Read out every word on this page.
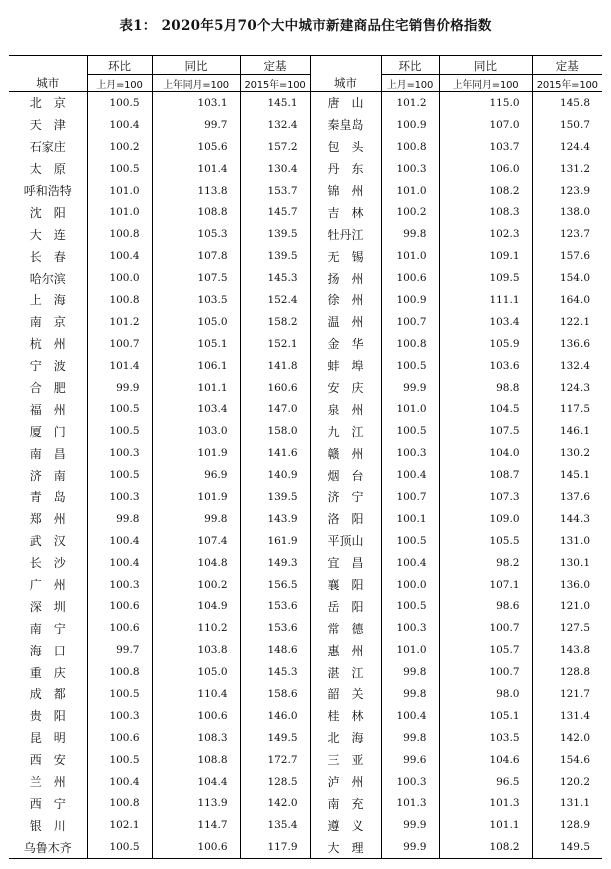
表1： 2020年5月70个大中城市新建商品住宅销售价格指数
城市	环比	同比	定基	城市	环比	同比	定基
	上月=100	上年同月=100	2015年=100		上月=100	上年同月=100	2015年=100
北　京	100.5	103.1	145.1	唐　山	101.2	115.0	145.8
天　津	100.4	99.7	132.4	秦皇岛	100.9	107.0	150.7
石家庄	100.2	105.6	157.2	包　头	100.8	103.7	124.4
太　原	100.5	101.4	130.4	丹　东	100.3	106.0	131.2
呼和浩特	101.0	113.8	153.7	锦　州	101.0	108.2	123.9
沈　阳	101.0	108.8	145.7	吉　林	100.2	108.3	138.0
大　连	100.8	105.3	139.5	牡丹江	99.8	102.3	123.7
长　春	100.4	107.8	139.5	无　锡	101.0	109.1	157.6
哈尔滨	100.0	107.5	145.3	扬　州	100.6	109.5	154.0
上　海	100.8	103.5	152.4	徐　州	100.9	111.1	164.0
南　京	101.2	105.0	158.2	温　州	100.7	103.4	122.1
杭　州	100.7	105.1	152.1	金　华	100.8	105.9	136.6
宁　波	101.4	106.1	141.8	蚌　埠	100.5	103.6	132.4
合　肥	99.9	101.1	160.6	安　庆	99.9	98.8	124.3
福　州	100.5	103.4	147.0	泉　州	101.0	104.5	117.5
厦　门	100.5	103.0	158.0	九　江	100.5	107.5	146.1
南　昌	100.3	101.9	141.6	赣　州	100.3	104.0	130.2
济　南	100.5	96.9	140.9	烟　台	100.4	108.7	145.1
青　岛	100.3	101.9	139.5	济　宁	100.7	107.3	137.6
郑　州	99.8	99.8	143.9	洛　阳	100.1	109.0	144.3
武　汉	100.4	107.4	161.9	平顶山	100.5	105.5	131.0
长　沙	100.4	104.8	149.3	宜　昌	100.4	98.2	130.1
广　州	100.3	100.2	156.5	襄　阳	100.0	107.1	136.0
深　圳	100.6	104.9	153.6	岳　阳	100.5	98.6	121.0
南　宁	100.6	110.2	153.6	常　德	100.3	100.7	127.5
海　口	99.7	103.8	148.6	惠　州	101.0	105.7	143.8
重　庆	100.8	105.0	145.3	湛　江	99.8	100.7	128.8
成　都	100.5	110.4	158.6	韶　关	99.8	98.0	121.7
贵　阳	100.3	100.6	146.0	桂　林	100.4	105.1	131.4
昆　明	100.6	108.3	149.5	北　海	99.8	103.5	142.0
西　安	100.5	108.8	172.7	三　亚	99.6	104.6	154.6
兰　州	100.4	104.4	128.5	泸　州	100.3	96.5	120.2
西　宁	100.8	113.9	142.0	南　充	101.3	101.3	131.1
银　川	102.1	114.7	135.4	遵　义	99.9	101.1	128.9
乌鲁木齐	100.5	100.6	117.9	大　理	99.9	108.2	149.5
